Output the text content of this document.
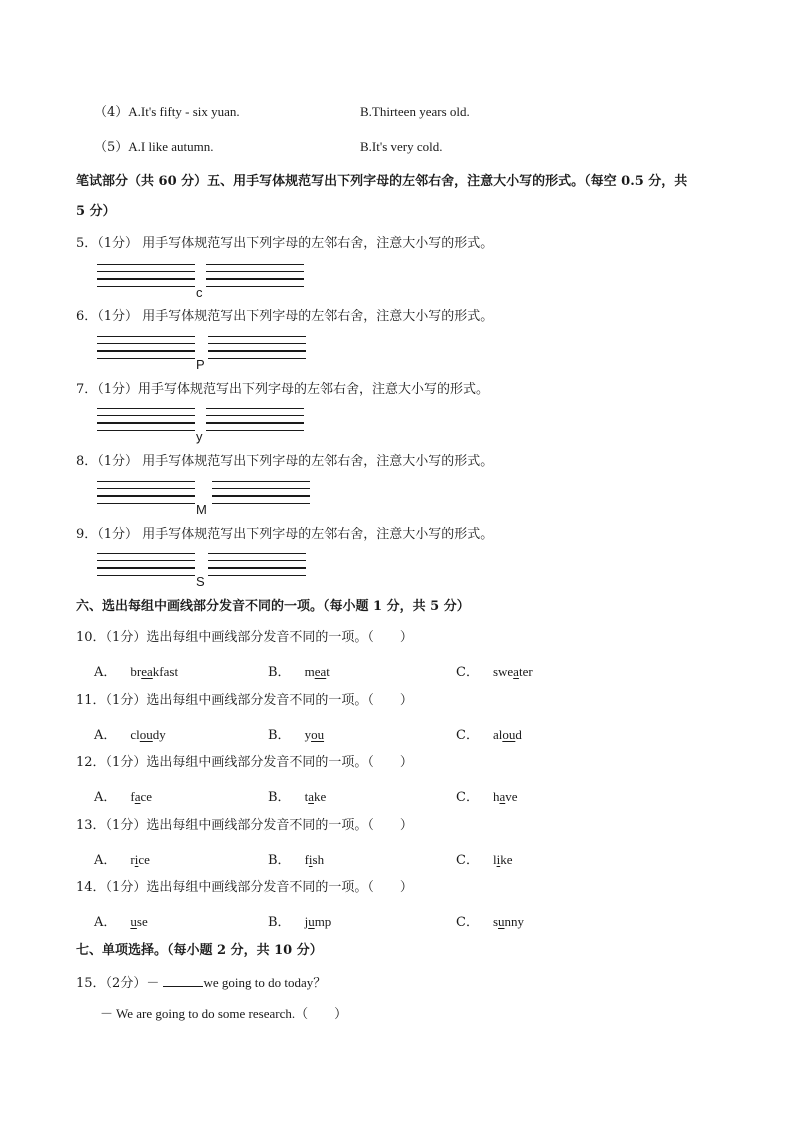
（4）A.It's fifty - six yuan.	B.Thirteen years old.
（5）A.I like autumn.	B.It's very cold.
笔试部分（共 60 分）五、用手写体规范写出下列字母的左邻右舍，注意大小写的形式。（每空 0.5 分，共
5 分）
5．（1分） 用手写体规范写出下列字母的左邻右舍，注意大小写的形式。
c
6．（1分） 用手写体规范写出下列字母的左邻右舍，注意大小写的形式。
P
7．（1分）用手写体规范写出下列字母的左邻右舍，注意大小写的形式。
y
8．（1分） 用手写体规范写出下列字母的左邻右舍，注意大小写的形式。
M
9．（1分） 用手写体规范写出下列字母的左邻右舍，注意大小写的形式。
S
六、选出每组中画线部分发音不同的一项。（每小题 1 分，共 5 分）
10．（1分）选出每组中画线部分发音不同的一项。（　　）
A． breakfast	B． meat	C． sweater
11．（1分）选出每组中画线部分发音不同的一项。（　　）
A． cloudy	B． you	C． aloud
12．（1分）选出每组中画线部分发音不同的一项。（　　）
A． face	B． take	C． have
13．（1分）选出每组中画线部分发音不同的一项。（　　）
A． rice	B． fish	C． like
14．（1分）选出每组中画线部分发音不同的一项。（　　）
A． use	B． jump	C． sunny
七、单项选择。（每小题 2 分，共 10 分）
15．（2分）－	we going to do today？
－ We are going to do some research.（　　）
